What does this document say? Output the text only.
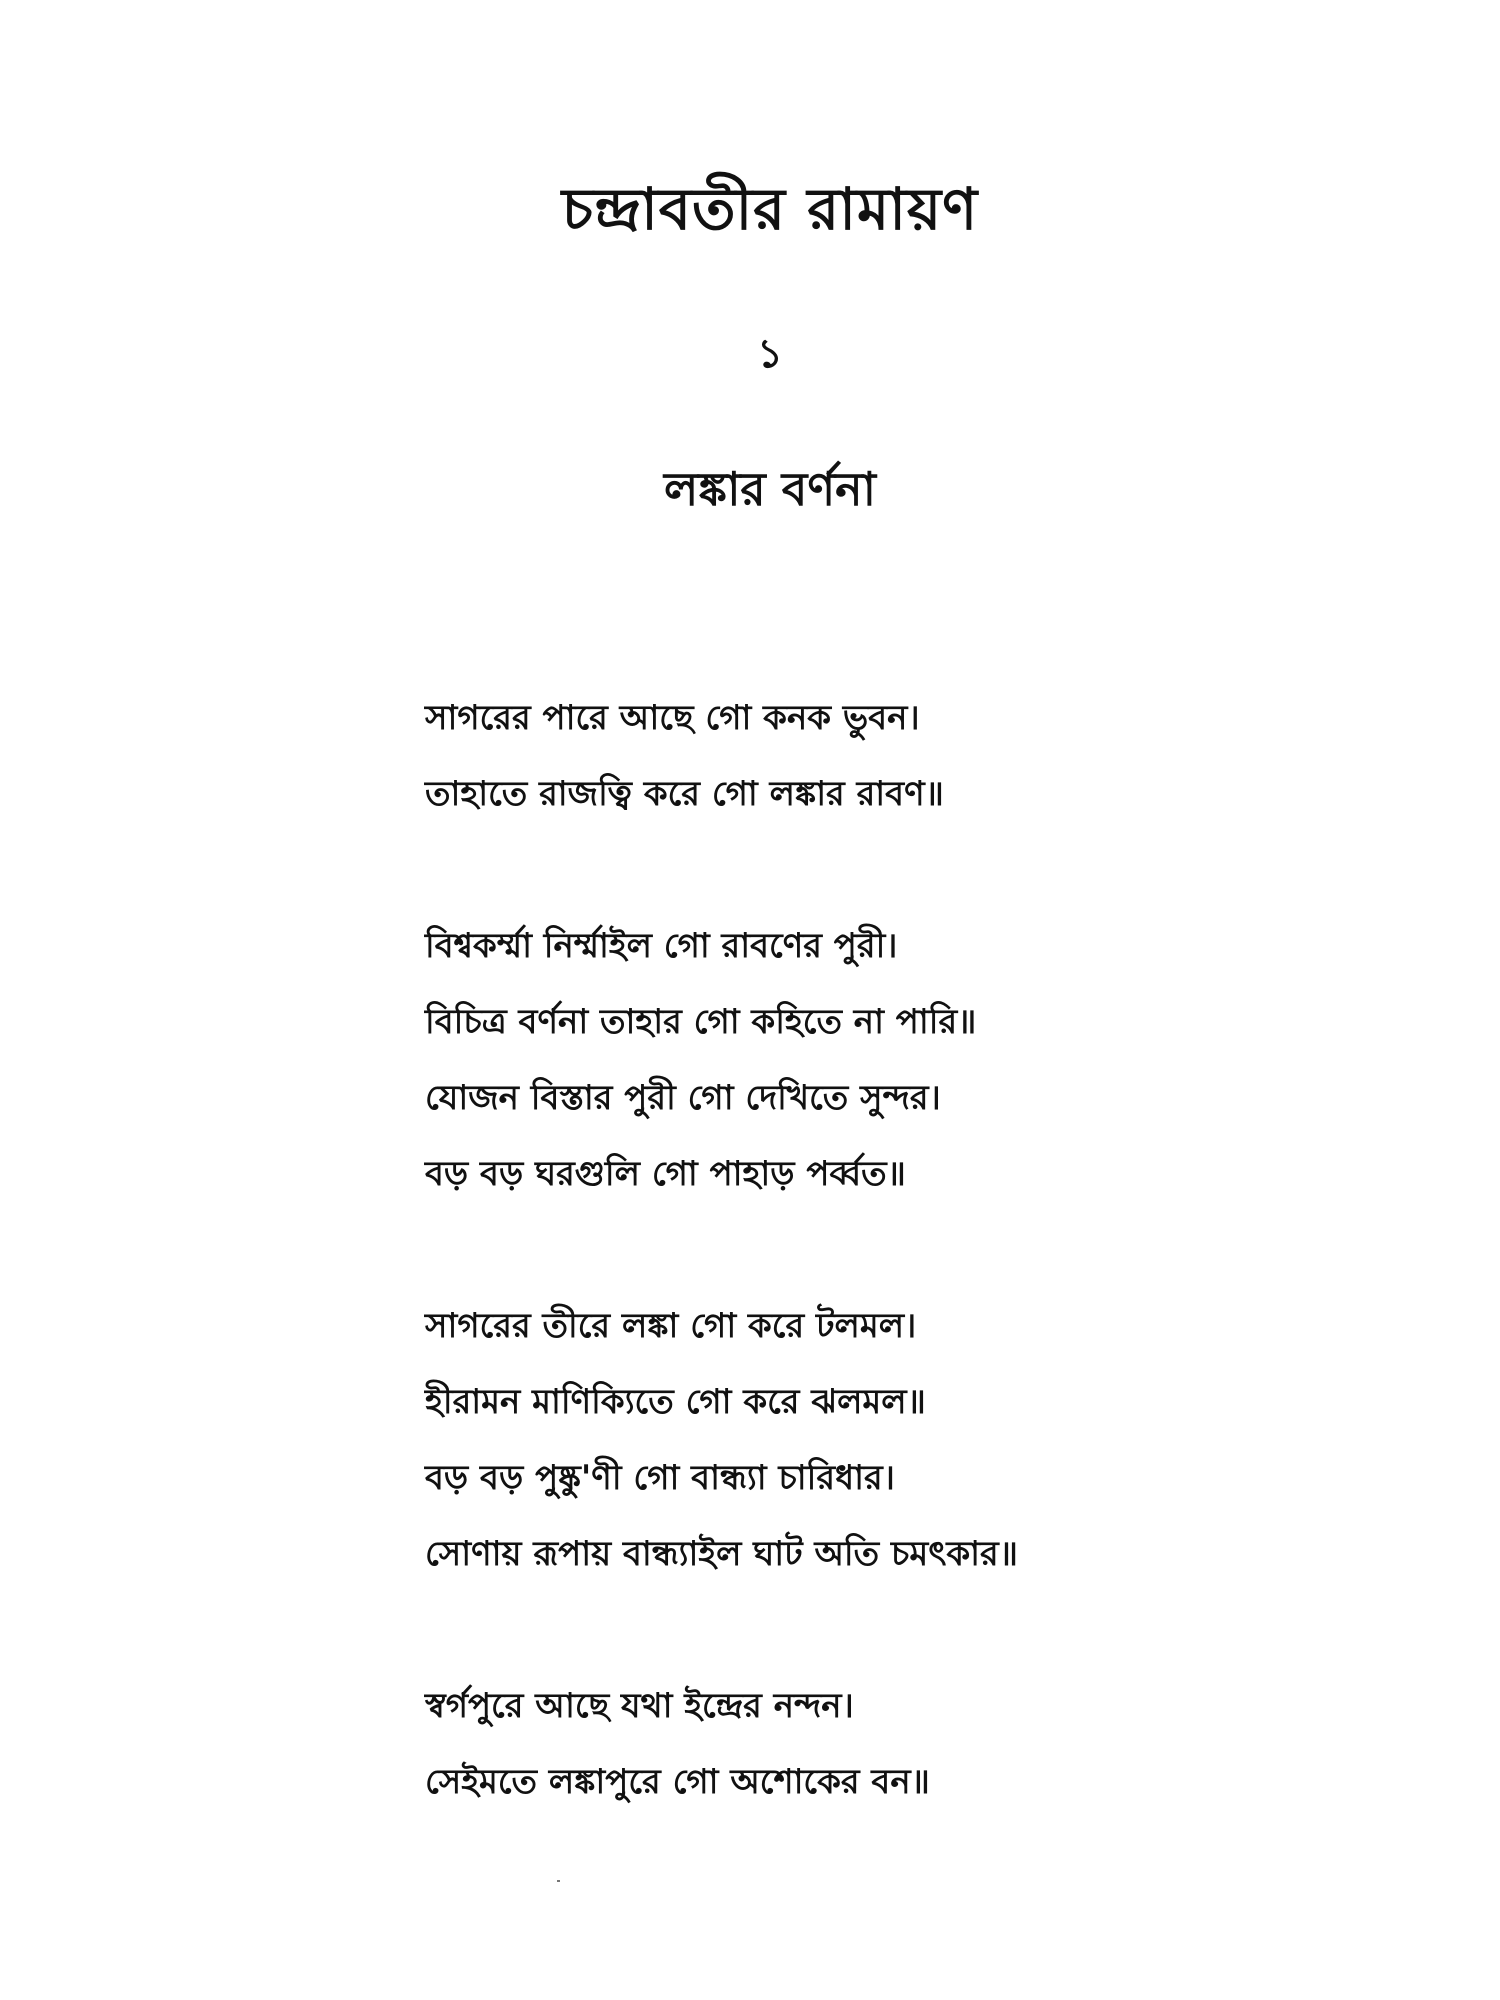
চন্দ্রাবতীর রামায়ণ
১
লঙ্কার বর্ণনা
সাগরের পারে আছে গো কনক ভুবন।
তাহাতে রাজত্বি করে গো লঙ্কার রাবণ॥
বিশ্বকর্ম্মা নির্ম্মাইল গো রাবণের পুরী।
বিচিত্র বর্ণনা তাহার গো কহিতে না পারি॥
যোজন বিস্তার পুরী গো দেখিতে সুন্দর।
বড় বড় ঘরগুলি গো পাহাড় পর্ব্বত॥
সাগরের তীরে লঙ্কা গো করে টলমল।
হীরামন মাণিক্যিতে গো করে ঝলমল॥
বড় বড় পুষ্কু'ণী গো বান্ধ্যা চারিধার।
সোণায় রূপায় বান্ধ্যাইল ঘাট অতি চমৎকার॥
স্বর্গপুরে আছে যথা ইন্দ্রের নন্দন।
সেইমতে লঙ্কাপুরে গো অশোকের বন॥
